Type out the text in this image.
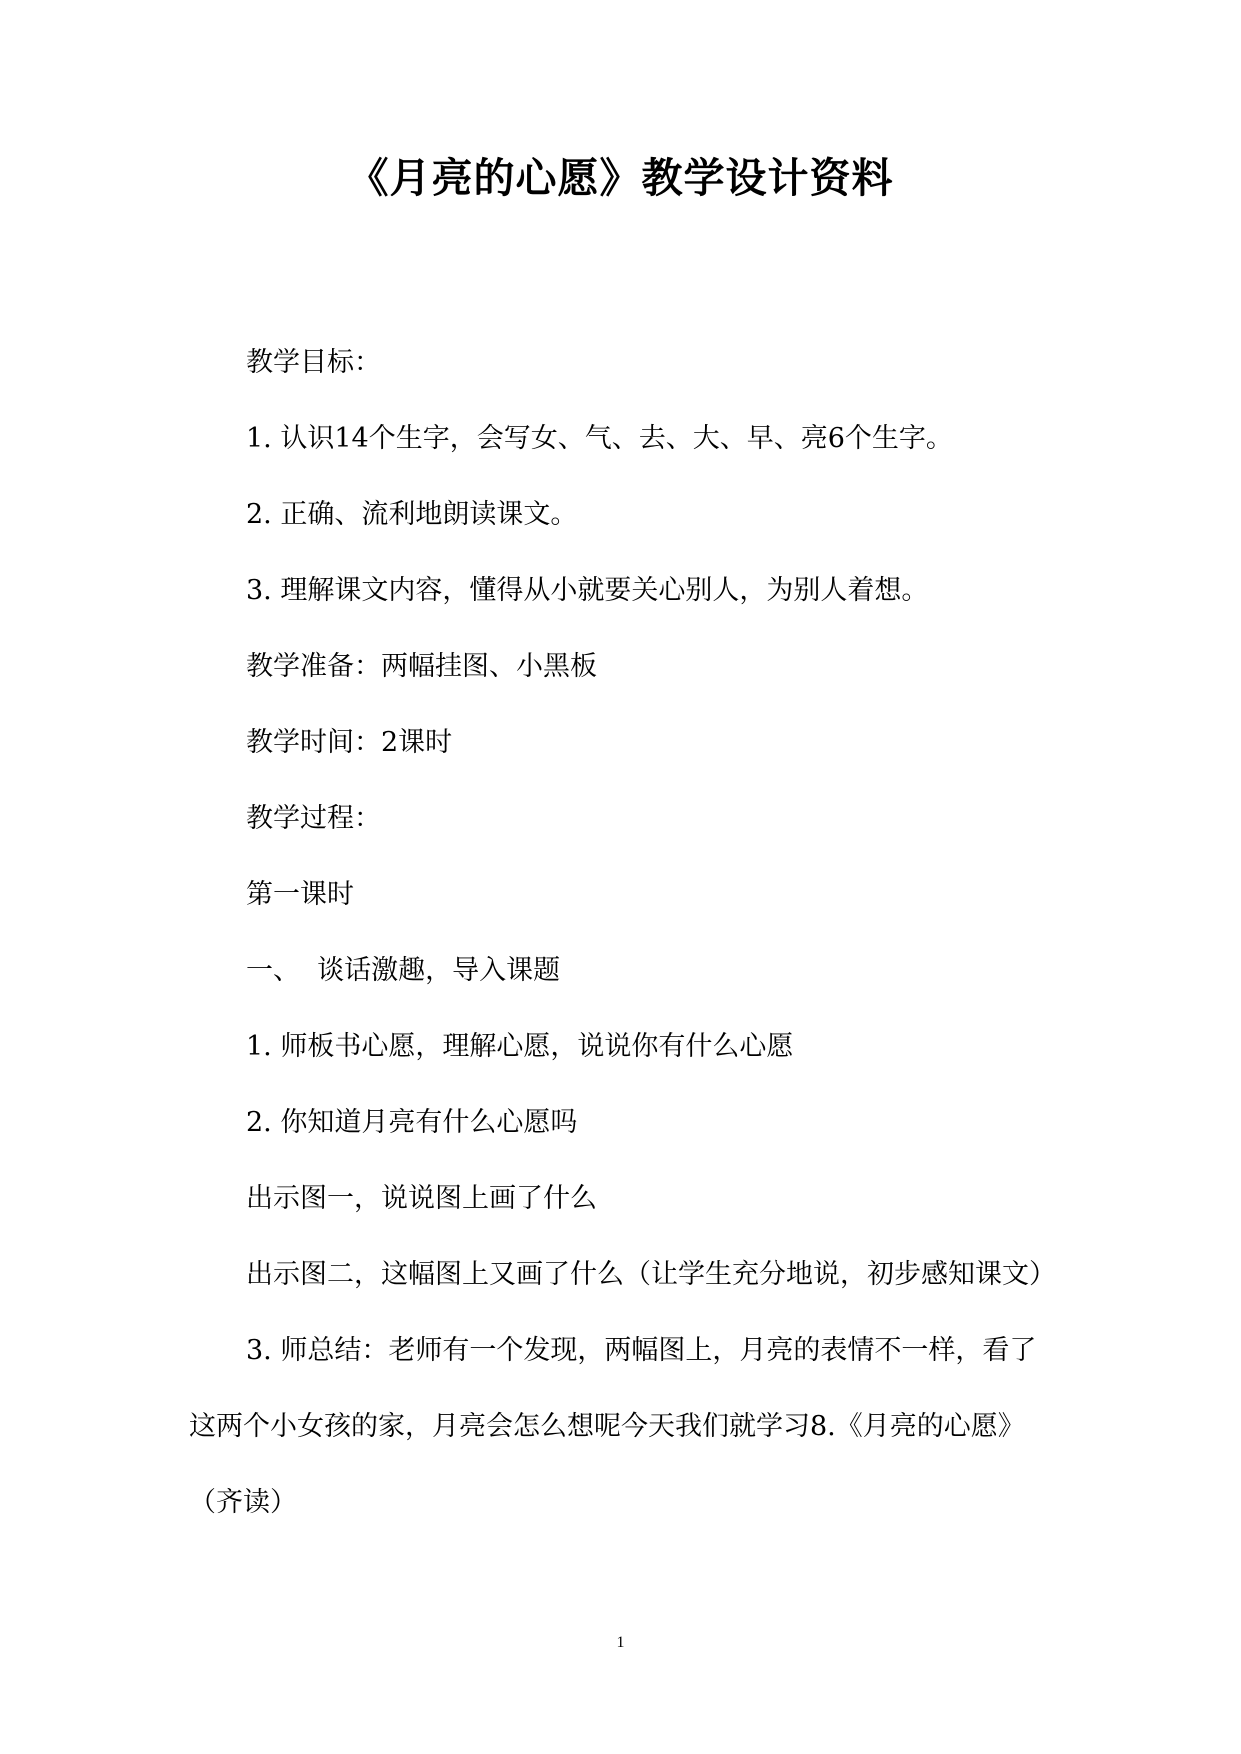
《月亮的心愿》教学设计资料

教学目标：

1. 认识14个生字，会写女、气、去、大、早、亮6个生字。

2. 正确、流利地朗读课文。

3. 理解课文内容，懂得从小就要关心别人，为别人着想。

教学准备：两幅挂图、小黑板

教学时间：2课时

教学过程：

第一课时

一、  谈话激趣，导入课题

1. 师板书心愿，理解心愿，说说你有什么心愿

2. 你知道月亮有什么心愿吗

出示图一，说说图上画了什么

出示图二，这幅图上又画了什么（让学生充分地说，初步感知课文）

3. 师总结：老师有一个发现，两幅图上，月亮的表情不一样，看了这两个小女孩的家，月亮会怎么想呢今天我们就学习8.《月亮的心愿》（齐读）

1
